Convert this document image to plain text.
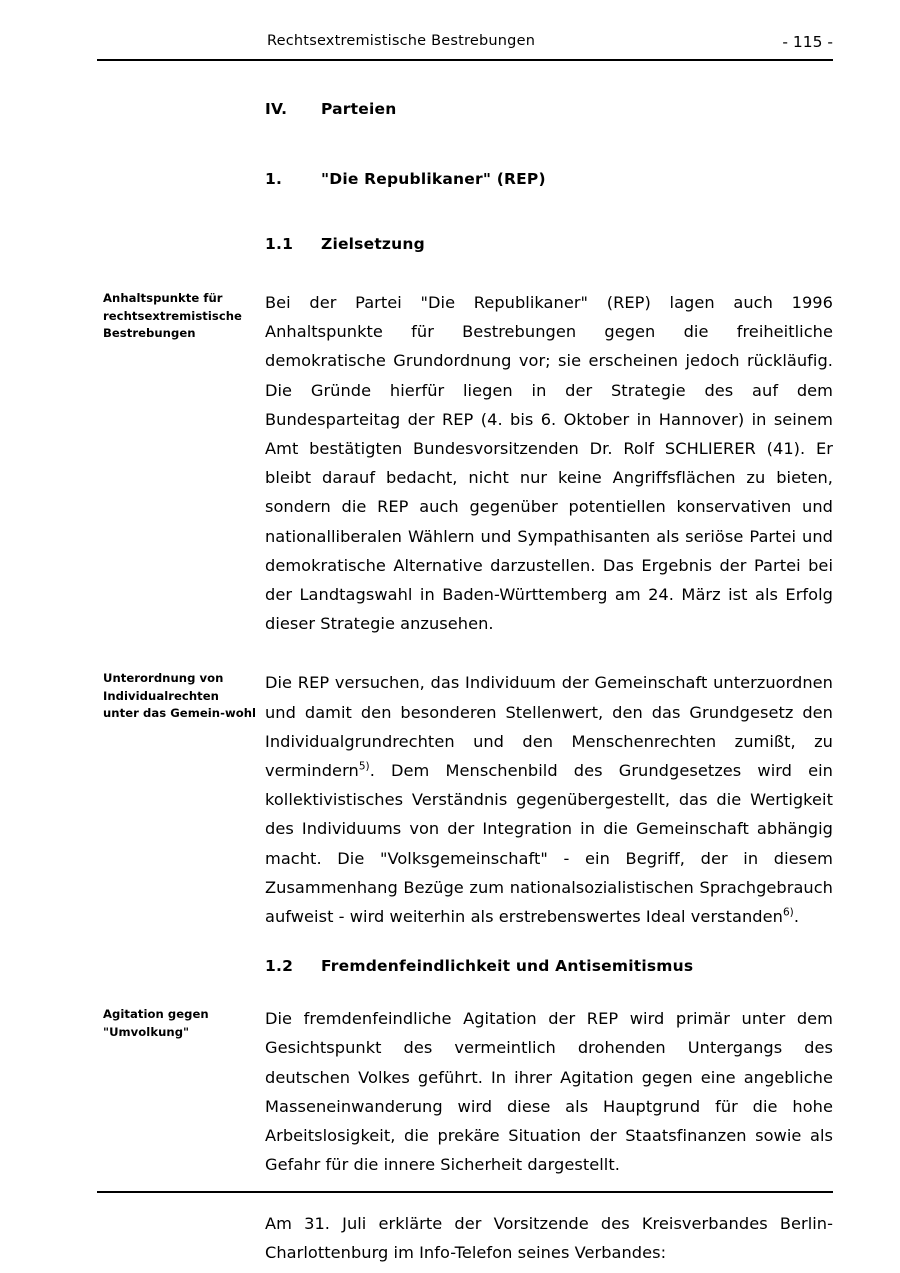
Rechtsextremistische Bestrebungen	- 115 -
IV.	Parteien
1.	"Die Republikaner" (REP)
1.1	Zielsetzung
Anhaltspunkte für rechtsextremistische Bestrebungen

Bei der Partei "Die Republikaner" (REP) lagen auch 1996 Anhaltspunkte für Bestrebungen gegen die freiheitliche demokratische Grundordnung vor; sie erscheinen jedoch rückläufig. Die Gründe hierfür liegen in der Strategie des auf dem Bundesparteitag der REP (4. bis 6. Oktober in Hannover) in seinem Amt bestätigten Bundesvorsitzenden Dr. Rolf SCHLIERER (41). Er bleibt darauf bedacht, nicht nur keine Angriffsflächen zu bieten, sondern die REP auch gegenüber potentiellen konservativen und nationalliberalen Wählern und Sympathisanten als seriöse Partei und demokratische Alternative darzustellen. Das Ergebnis der Partei bei der Landtagswahl in Baden-Württemberg am 24. März ist als Erfolg dieser Strategie anzusehen.

Unterordnung von Individualrechten unter das Gemein-wohl

Die REP versuchen, das Individuum der Gemeinschaft unterzuordnen und damit den besonderen Stellenwert, den das Grundgesetz den Individualgrundrechten und den Menschenrechten zumißt, zu vermindern$^{5)}$. Dem Menschenbild des Grundgesetzes wird ein kollektivistisches Verständnis gegenübergestellt, das die Wertigkeit des Individuums von der Integration in die Gemeinschaft abhängig macht. Die "Volksgemeinschaft" - ein Begriff, der in diesem Zusammenhang Bezüge zum nationalsozialistischen Sprachgebrauch aufweist - wird weiterhin als erstrebenswertes Ideal verstanden$^{6)}$.

1.2	Fremdenfeindlichkeit und Antisemitismus
Agitation gegen "Umvolkung"

Die fremdenfeindliche Agitation der REP wird primär unter dem Gesichtspunkt des vermeintlich drohenden Untergangs des deutschen Volkes geführt. In ihrer Agitation gegen eine angebliche Masseneinwanderung wird diese als Hauptgrund für die hohe Arbeitslosigkeit, die prekäre Situation der Staatsfinanzen sowie als Gefahr für die innere Sicherheit dargestellt.

Am 31. Juli erklärte der Vorsitzende des Kreisverbandes Berlin-Charlottenburg im Info-Telefon seines Verbandes:
